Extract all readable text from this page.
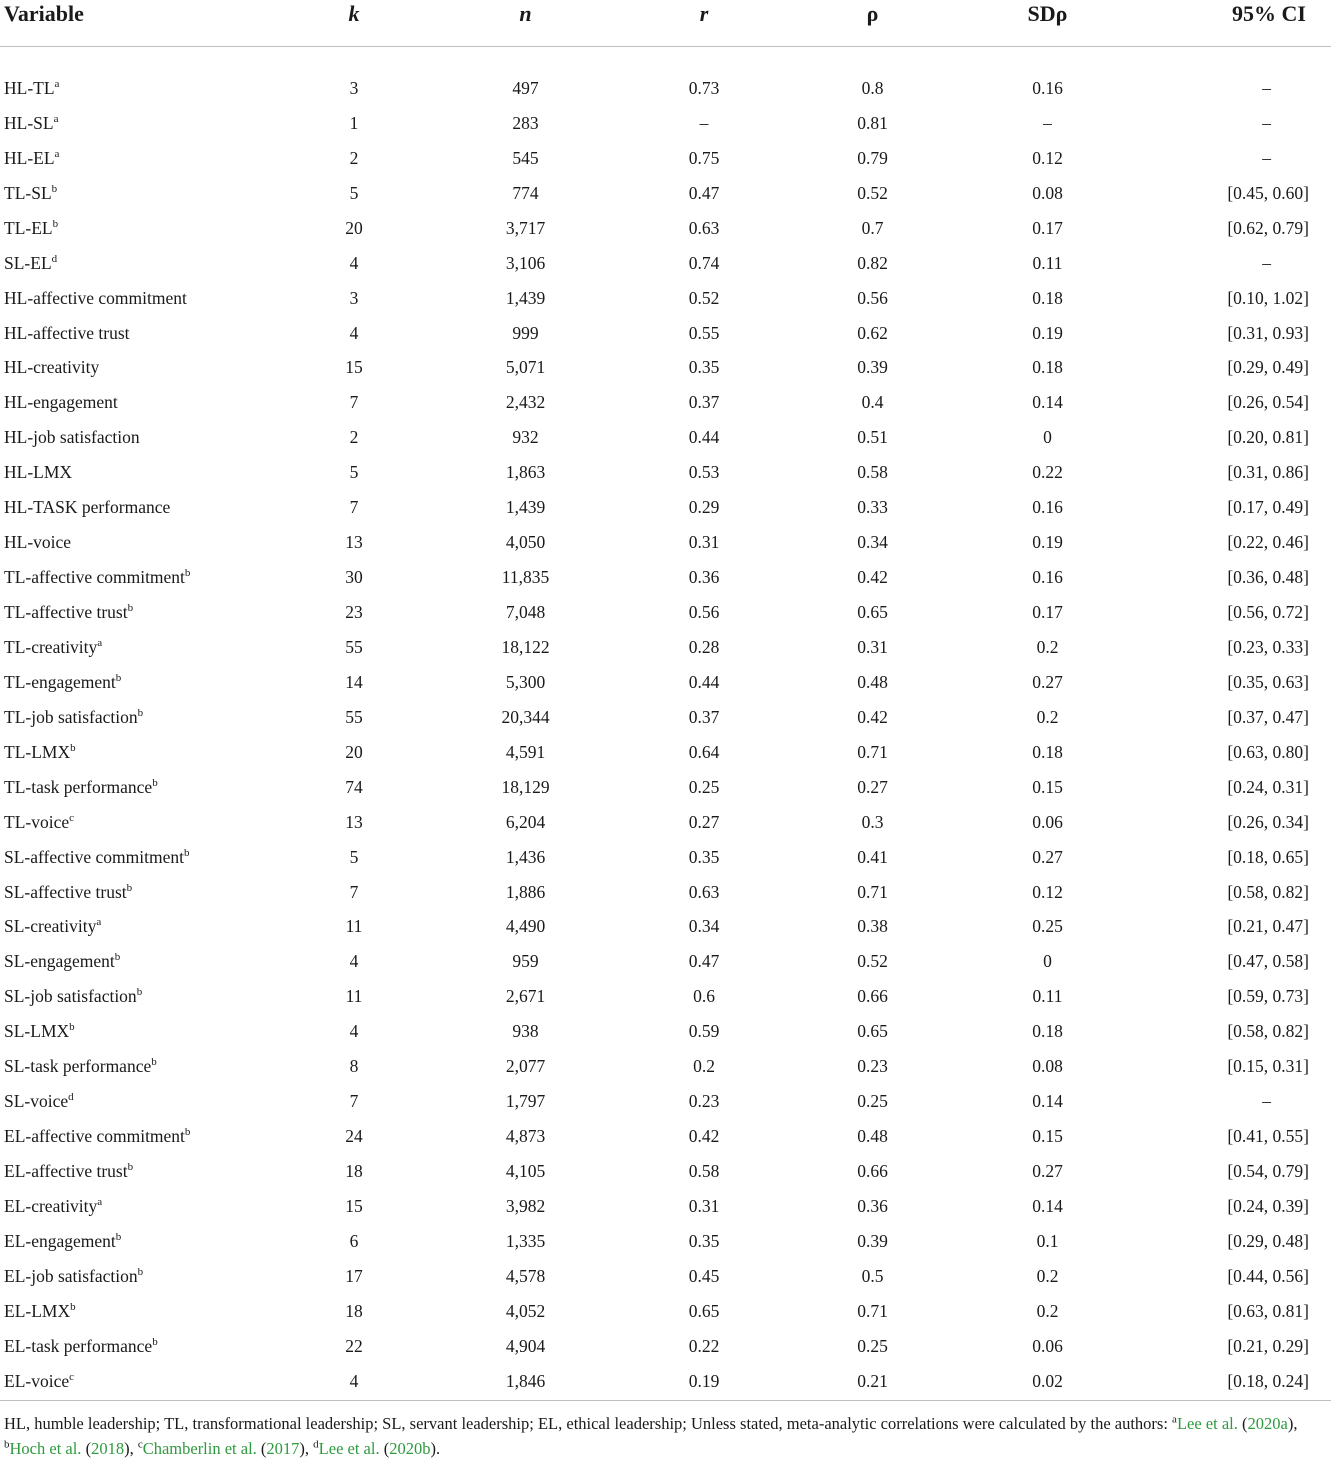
Variable	k	n	r	ρ	SDρ	95% CI
$HL-TL^a$	3	497	0.73	0.8	0.16	–
$HL-SL^a$	1	283	–	0.81	–	–
$HL-EL^a$	2	545	0.75	0.79	0.12	–
$TL-SL^b$	5	774	0.47	0.52	0.08	[0.45, 0.60]
$TL-EL^b$	20	3,717	0.63	0.7	0.17	[0.62, 0.79]
$SL-EL^d$	4	3,106	0.74	0.82	0.11	–
HL-affective commitment	3	1,439	0.52	0.56	0.18	[0.10, 1.02]
HL-affective trust	4	999	0.55	0.62	0.19	[0.31, 0.93]
HL-creativity	15	5,071	0.35	0.39	0.18	[0.29, 0.49]
HL-engagement	7	2,432	0.37	0.4	0.14	[0.26, 0.54]
HL-job satisfaction	2	932	0.44	0.51	0	[0.20, 0.81]
HL-LMX	5	1,863	0.53	0.58	0.22	[0.31, 0.86]
HL-TASK performance	7	1,439	0.29	0.33	0.16	[0.17, 0.49]
HL-voice	13	4,050	0.31	0.34	0.19	[0.22, 0.46]
TL-affective commitment$^b$	30	11,835	0.36	0.42	0.16	[0.36, 0.48]
TL-affective trust$^b$	23	7,048	0.56	0.65	0.17	[0.56, 0.72]
TL-creativity$^a$	55	18,122	0.28	0.31	0.2	[0.23, 0.33]
TL-engagement$^b$	14	5,300	0.44	0.48	0.27	[0.35, 0.63]
TL-job satisfaction$^b$	55	20,344	0.37	0.42	0.2	[0.37, 0.47]
TL-LMX$^b$	20	4,591	0.64	0.71	0.18	[0.63, 0.80]
TL-task performance$^b$	74	18,129	0.25	0.27	0.15	[0.24, 0.31]
TL-voice$^c$	13	6,204	0.27	0.3	0.06	[0.26, 0.34]
SL-affective commitment$^b$	5	1,436	0.35	0.41	0.27	[0.18, 0.65]
SL-affective trust$^b$	7	1,886	0.63	0.71	0.12	[0.58, 0.82]
SL-creativity$^a$	11	4,490	0.34	0.38	0.25	[0.21, 0.47]
SL-engagement$^b$	4	959	0.47	0.52	0	[0.47, 0.58]
SL-job satisfaction$^b$	11	2,671	0.6	0.66	0.11	[0.59, 0.73]
SL-LMX$^b$	4	938	0.59	0.65	0.18	[0.58, 0.82]
SL-task performance$^b$	8	2,077	0.2	0.23	0.08	[0.15, 0.31]
SL-voice$^d$	7	1,797	0.23	0.25	0.14	–
EL-affective commitment$^b$	24	4,873	0.42	0.48	0.15	[0.41, 0.55]
EL-affective trust$^b$	18	4,105	0.58	0.66	0.27	[0.54, 0.79]
EL-creativity$^a$	15	3,982	0.31	0.36	0.14	[0.24, 0.39]
EL-engagement$^b$	6	1,335	0.35	0.39	0.1	[0.29, 0.48]
EL-job satisfaction$^b$	17	4,578	0.45	0.5	0.2	[0.44, 0.56]
EL-LMX$^b$	18	4,052	0.65	0.71	0.2	[0.63, 0.81]
EL-task performance$^b$	22	4,904	0.22	0.25	0.06	[0.21, 0.29]
EL-voice$^c$	4	1,846	0.19	0.21	0.02	[0.18, 0.24]
HL, humble leadership; TL, transformational leadership; SL, servant leadership; EL, ethical leadership; Unless stated, meta-analytic correlations were calculated by the authors: $^a$Lee et al. (2020a), $^b$Hoch et al. (2018), $^c$Chamberlin et al. (2017), $^d$Lee et al. (2020b).
